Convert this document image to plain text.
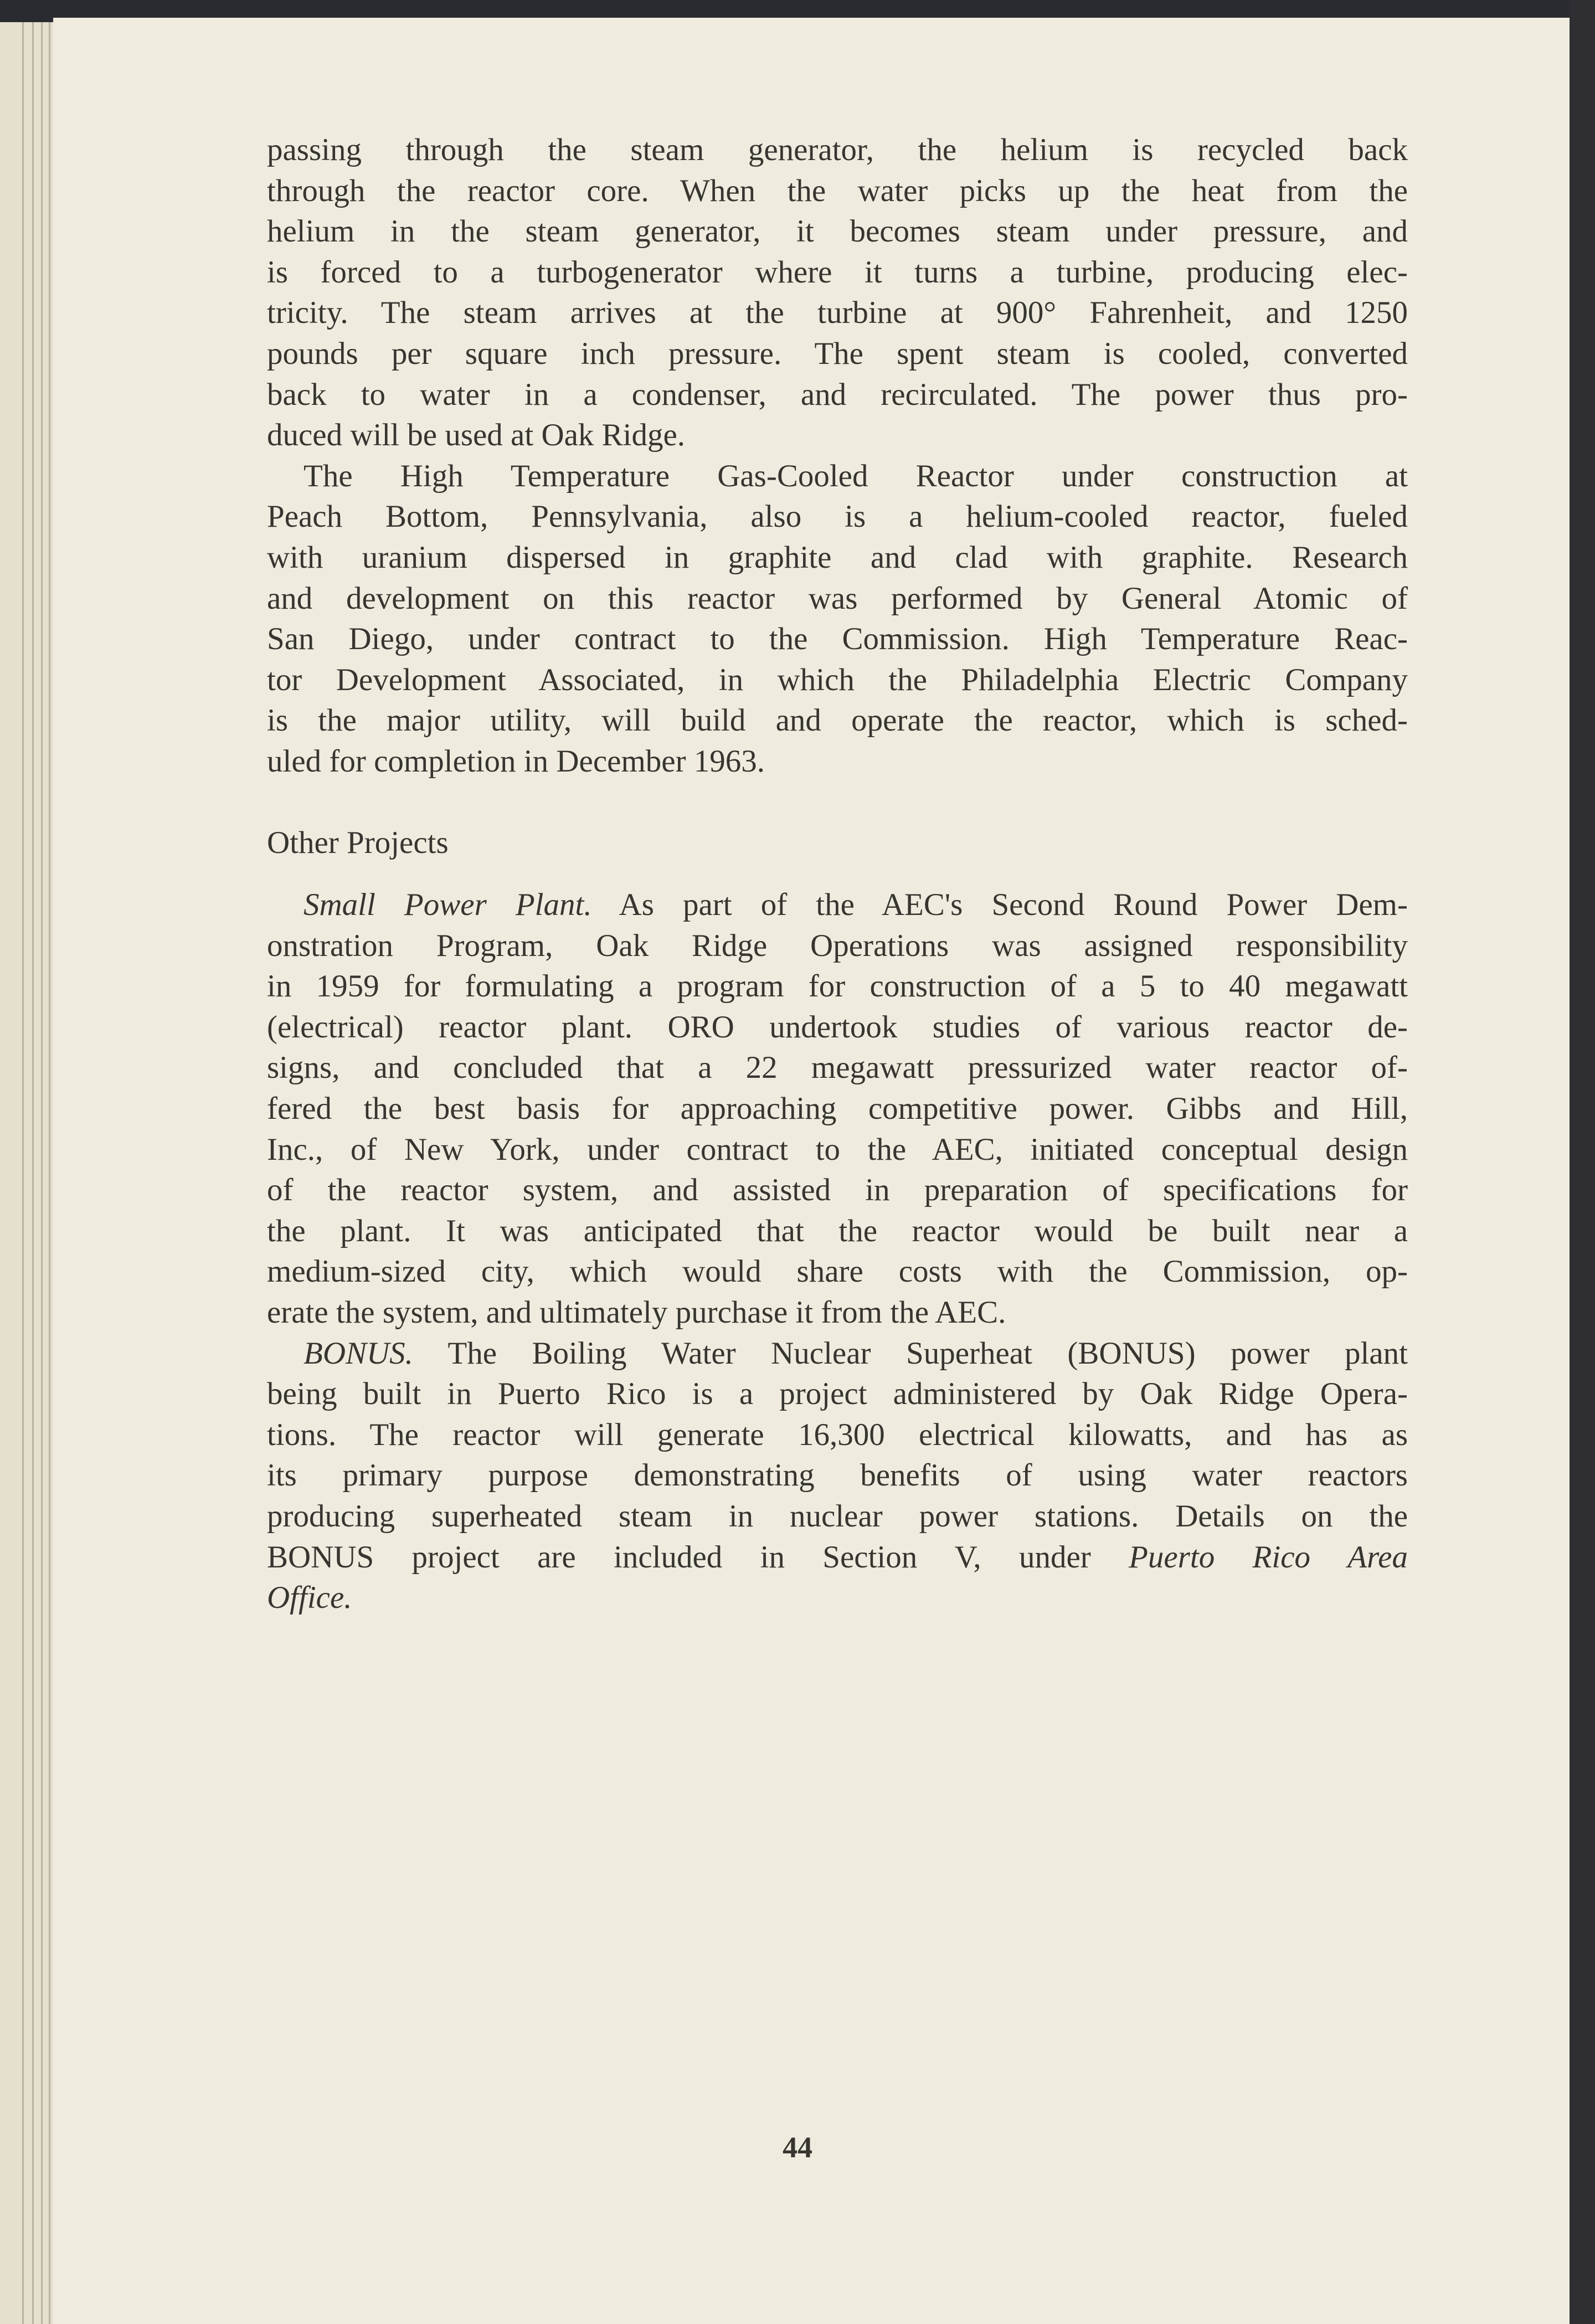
passing through the steam generator, the helium is recycled back
through the reactor core. When the water picks up the heat from the
helium in the steam generator, it becomes steam under pressure, and
is forced to a turbogenerator where it turns a turbine, producing elec-
tricity. The steam arrives at the turbine at 900° Fahrenheit, and 1250
pounds per square inch pressure. The spent steam is cooled, converted
back to water in a condenser, and recirculated. The power thus pro-
duced will be used at Oak Ridge.
The High Temperature Gas-Cooled Reactor under construction at
Peach Bottom, Pennsylvania, also is a helium-cooled reactor, fueled
with uranium dispersed in graphite and clad with graphite. Research
and development on this reactor was performed by General Atomic of
San Diego, under contract to the Commission. High Temperature Reac-
tor Development Associated, in which the Philadelphia Electric Company
is the major utility, will build and operate the reactor, which is sched-
uled for completion in December 1963.
Other Projects
Small Power Plant. As part of the AEC's Second Round Power Dem-
onstration Program, Oak Ridge Operations was assigned responsibility
in 1959 for formulating a program for construction of a 5 to 40 megawatt
(electrical) reactor plant. ORO undertook studies of various reactor de-
signs, and concluded that a 22 megawatt pressurized water reactor of-
fered the best basis for approaching competitive power. Gibbs and Hill,
Inc., of New York, under contract to the AEC, initiated conceptual design
of the reactor system, and assisted in preparation of specifications for
the plant. It was anticipated that the reactor would be built near a
medium-sized city, which would share costs with the Commission, op-
erate the system, and ultimately purchase it from the AEC.
BONUS. The Boiling Water Nuclear Superheat (BONUS) power plant
being built in Puerto Rico is a project administered by Oak Ridge Opera-
tions. The reactor will generate 16,300 electrical kilowatts, and has as
its primary purpose demonstrating benefits of using water reactors
producing superheated steam in nuclear power stations. Details on the
BONUS project are included in Section V, under Puerto Rico Area
Office.
44
